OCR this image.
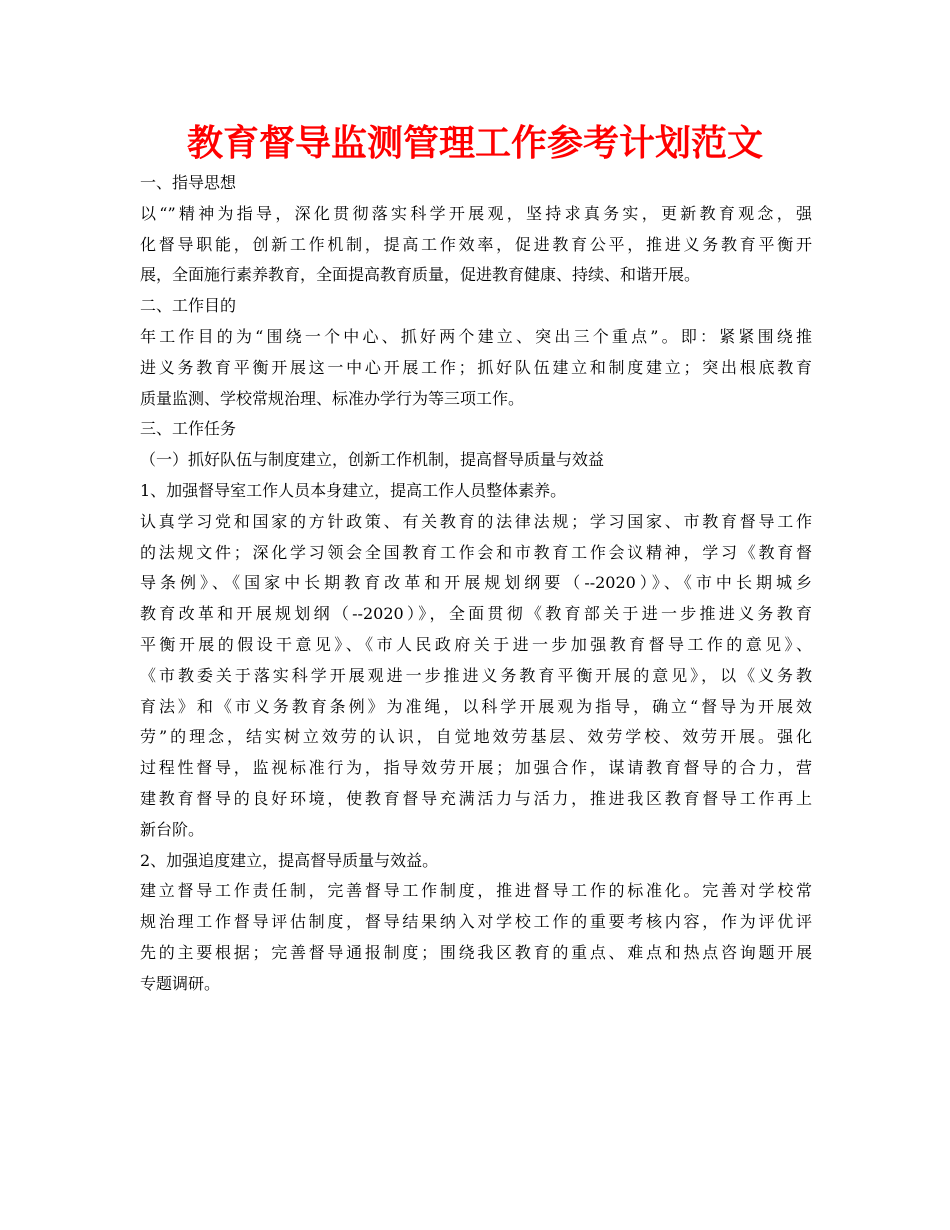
教育督导监测管理工作参考计划范文
一、指导思想
以“”精神为指导，深化贯彻落实科学开展观，坚持求真务实，更新教育观念，强
化督导职能，创新工作机制，提高工作效率，促进教育公平，推进义务教育平衡开
展，全面施行素养教育，全面提高教育质量，促进教育健康、持续、和谐开展。
二、工作目的
年工作目的为“围绕一个中心、抓好两个建立、突出三个重点”。即：紧紧围绕推
进义务教育平衡开展这一中心开展工作；抓好队伍建立和制度建立；突出根底教育
质量监测、学校常规治理、标准办学行为等三项工作。
三、工作任务
（一）抓好队伍与制度建立，创新工作机制，提高督导质量与效益
1、加强督导室工作人员本身建立，提高工作人员整体素养。
认真学习党和国家的方针政策、有关教育的法律法规；学习国家、市教育督导工作
的法规文件；深化学习领会全国教育工作会和市教育工作会议精神，学习《教育督
导条例》、《国家中长期教育改革和开展规划纲要（--2020）》、《市中长期城乡
教育改革和开展规划纲（--2020）》，全面贯彻《教育部关于进一步推进义务教育
平衡开展的假设干意见》、《市人民政府关于进一步加强教育督导工作的意见》、
《市教委关于落实科学开展观进一步推进义务教育平衡开展的意见》，以《义务教
育法》和《市义务教育条例》为准绳，以科学开展观为指导，确立“督导为开展效
劳”的理念，结实树立效劳的认识，自觉地效劳基层、效劳学校、效劳开展。强化
过程性督导，监视标准行为，指导效劳开展；加强合作，谋请教育督导的合力，营
建教育督导的良好环境，使教育督导充满活力与活力，推进我区教育督导工作再上
新台阶。
2、加强追度建立，提高督导质量与效益。
建立督导工作责任制，完善督导工作制度，推进督导工作的标准化。完善对学校常
规治理工作督导评估制度，督导结果纳入对学校工作的重要考核内容，作为评优评
先的主要根据；完善督导通报制度；围绕我区教育的重点、难点和热点咨询题开展
专题调研。
